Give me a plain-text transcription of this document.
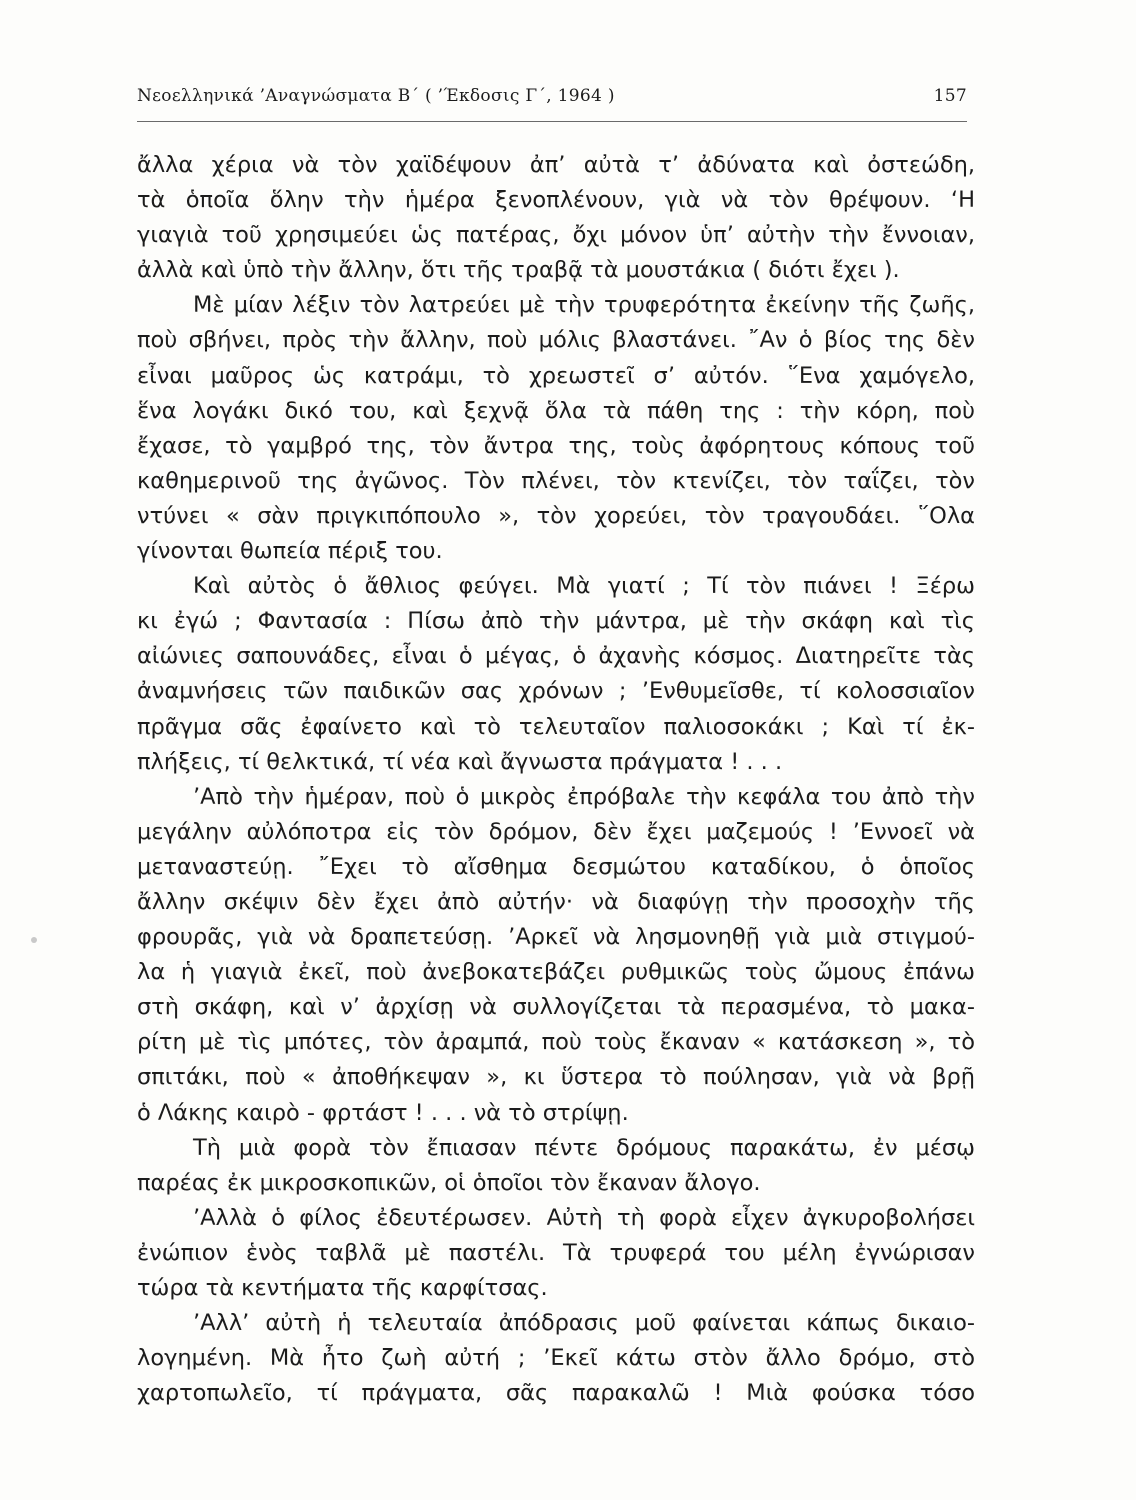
Νεοελληνικά ’Αναγνώσματα Β΄ ( ’Έκδοσις Γ΄, 1964 )	157
ἄλλα χέρια νὰ τὸν χαϊδέψουν ἀπ’ αὐτὰ τ’ ἀδύνατα καὶ ὀστεώδη,
τὰ ὁποῖα ὅλην τὴν ἡμέρα ξενοπλένουν, γιὰ νὰ τὸν θρέψουν. ‘Η
γιαγιὰ τοῦ χρησιμεύει ὡς πατέρας, ὄχι μόνον ὑπ’ αὐτὴν τὴν ἔννοιαν,
ἀλλὰ καὶ ὑπὸ τὴν ἄλλην, ὅτι τῆς τραβᾷ τὰ μουστάκια ( διότι ἔχει ).
Μὲ μίαν λέξιν τὸν λατρεύει μὲ τὴν τρυφερότητα ἐκείνην τῆς ζωῆς,
ποὺ σβήνει, πρὸς τὴν ἄλλην, ποὺ μόλις βλαστάνει. ῎Αν ὁ βίος της δὲν
εἶναι μαῦρος ὡς κατράμι, τὸ χρεωστεῖ σ’ αὐτόν. ῞Ενα χαμόγελο,
ἕνα λογάκι δικό του, καὶ ξεχνᾷ ὅλα τὰ πάθη της : τὴν κόρη, ποὺ
ἔχασε, τὸ γαμβρό της, τὸν ἄντρα της, τοὺς ἀφόρητους κόπους τοῦ
καθημερινοῦ της ἀγῶνος. Τὸν πλένει, τὸν κτενίζει, τὸν ταΐζει, τὸν
ντύνει « σὰν πριγκιπόπουλο », τὸν χορεύει, τὸν τραγουδάει. ῞Ολα
γίνονται θωπεία πέριξ του.
Καὶ αὐτὸς ὁ ἄθλιος φεύγει. Μὰ γιατί ; Τί τὸν πιάνει ! Ξέρω
κι ἐγώ ; Φαντασία : Πίσω ἀπὸ τὴν μάντρα, μὲ τὴν σκάφη καὶ τὶς
αἰώνιες σαπουνάδες, εἶναι ὁ μέγας, ὁ ἀχανὴς κόσμος. Διατηρεῖτε τὰς
ἀναμνήσεις τῶν παιδικῶν σας χρόνων ; ’Ενθυμεῖσθε, τί κολοσσιαῖον
πρᾶγμα σᾶς ἐφαίνετο καὶ τὸ τελευταῖον παλιοσοκάκι ; Καὶ τί ἐκ-
πλήξεις, τί θελκτικά, τί νέα καὶ ἄγνωστα πράγματα ! . . .
’Απὸ τὴν ἡμέραν, ποὺ ὁ μικρὸς ἐπρόβαλε τὴν κεφάλα του ἀπὸ τὴν
μεγάλην αὐλόποτρα εἰς τὸν δρόμον, δὲν ἔχει μαζεμούς ! ’Εννοεῖ νὰ
μεταναστεύῃ. ῎Εχει τὸ αἴσθημα δεσμώτου καταδίκου, ὁ ὁποῖος
ἄλλην σκέψιν δὲν ἔχει ἀπὸ αὐτήν· νὰ διαφύγῃ τὴν προσοχὴν τῆς
φρουρᾶς, γιὰ νὰ δραπετεύσῃ. ’Αρκεῖ νὰ λησμονηθῇ γιὰ μιὰ στιγμού-
λα ἡ γιαγιὰ ἐκεῖ, ποὺ ἀνεβοκατεβάζει ρυθμικῶς τοὺς ὤμους ἐπάνω
στὴ σκάφη, καὶ ν’ ἀρχίσῃ νὰ συλλογίζεται τὰ περασμένα, τὸ μακα-
ρίτη μὲ τὶς μπότες, τὸν ἀραμπά, ποὺ τοὺς ἔκαναν « κατάσκεση », τὸ
σπιτάκι, ποὺ « ἀποθήκεψαν », κι ὕστερα τὸ πούλησαν, γιὰ νὰ βρῇ
ὁ Λάκης καιρὸ - φρτάστ ! . . . νὰ τὸ στρίψῃ.
Τὴ μιὰ φορὰ τὸν ἔπιασαν πέντε δρόμους παρακάτω, ἐν μέσῳ
παρέας ἐκ μικροσκοπικῶν, οἱ ὁποῖοι τὸν ἔκαναν ἄλογο.
’Αλλὰ ὁ φίλος ἐδευτέρωσεν. Αὐτὴ τὴ φορὰ εἶχεν ἀγκυροβολήσει
ἐνώπιον ἑνὸς ταβλᾶ μὲ παστέλι. Τὰ τρυφερά του μέλη ἐγνώρισαν
τώρα τὰ κεντήματα τῆς καρφίτσας.
’Αλλ’ αὐτὴ ἡ τελευταία ἀπόδρασις μοῦ φαίνεται κάπως δικαιο-
λογημένη. Μὰ ἦτο ζωὴ αὐτή ; ’Εκεῖ κάτω στὸν ἄλλο δρόμο, στὸ
χαρτοπωλεῖο, τί πράγματα, σᾶς παρακαλῶ ! Μιὰ φούσκα τόσο
